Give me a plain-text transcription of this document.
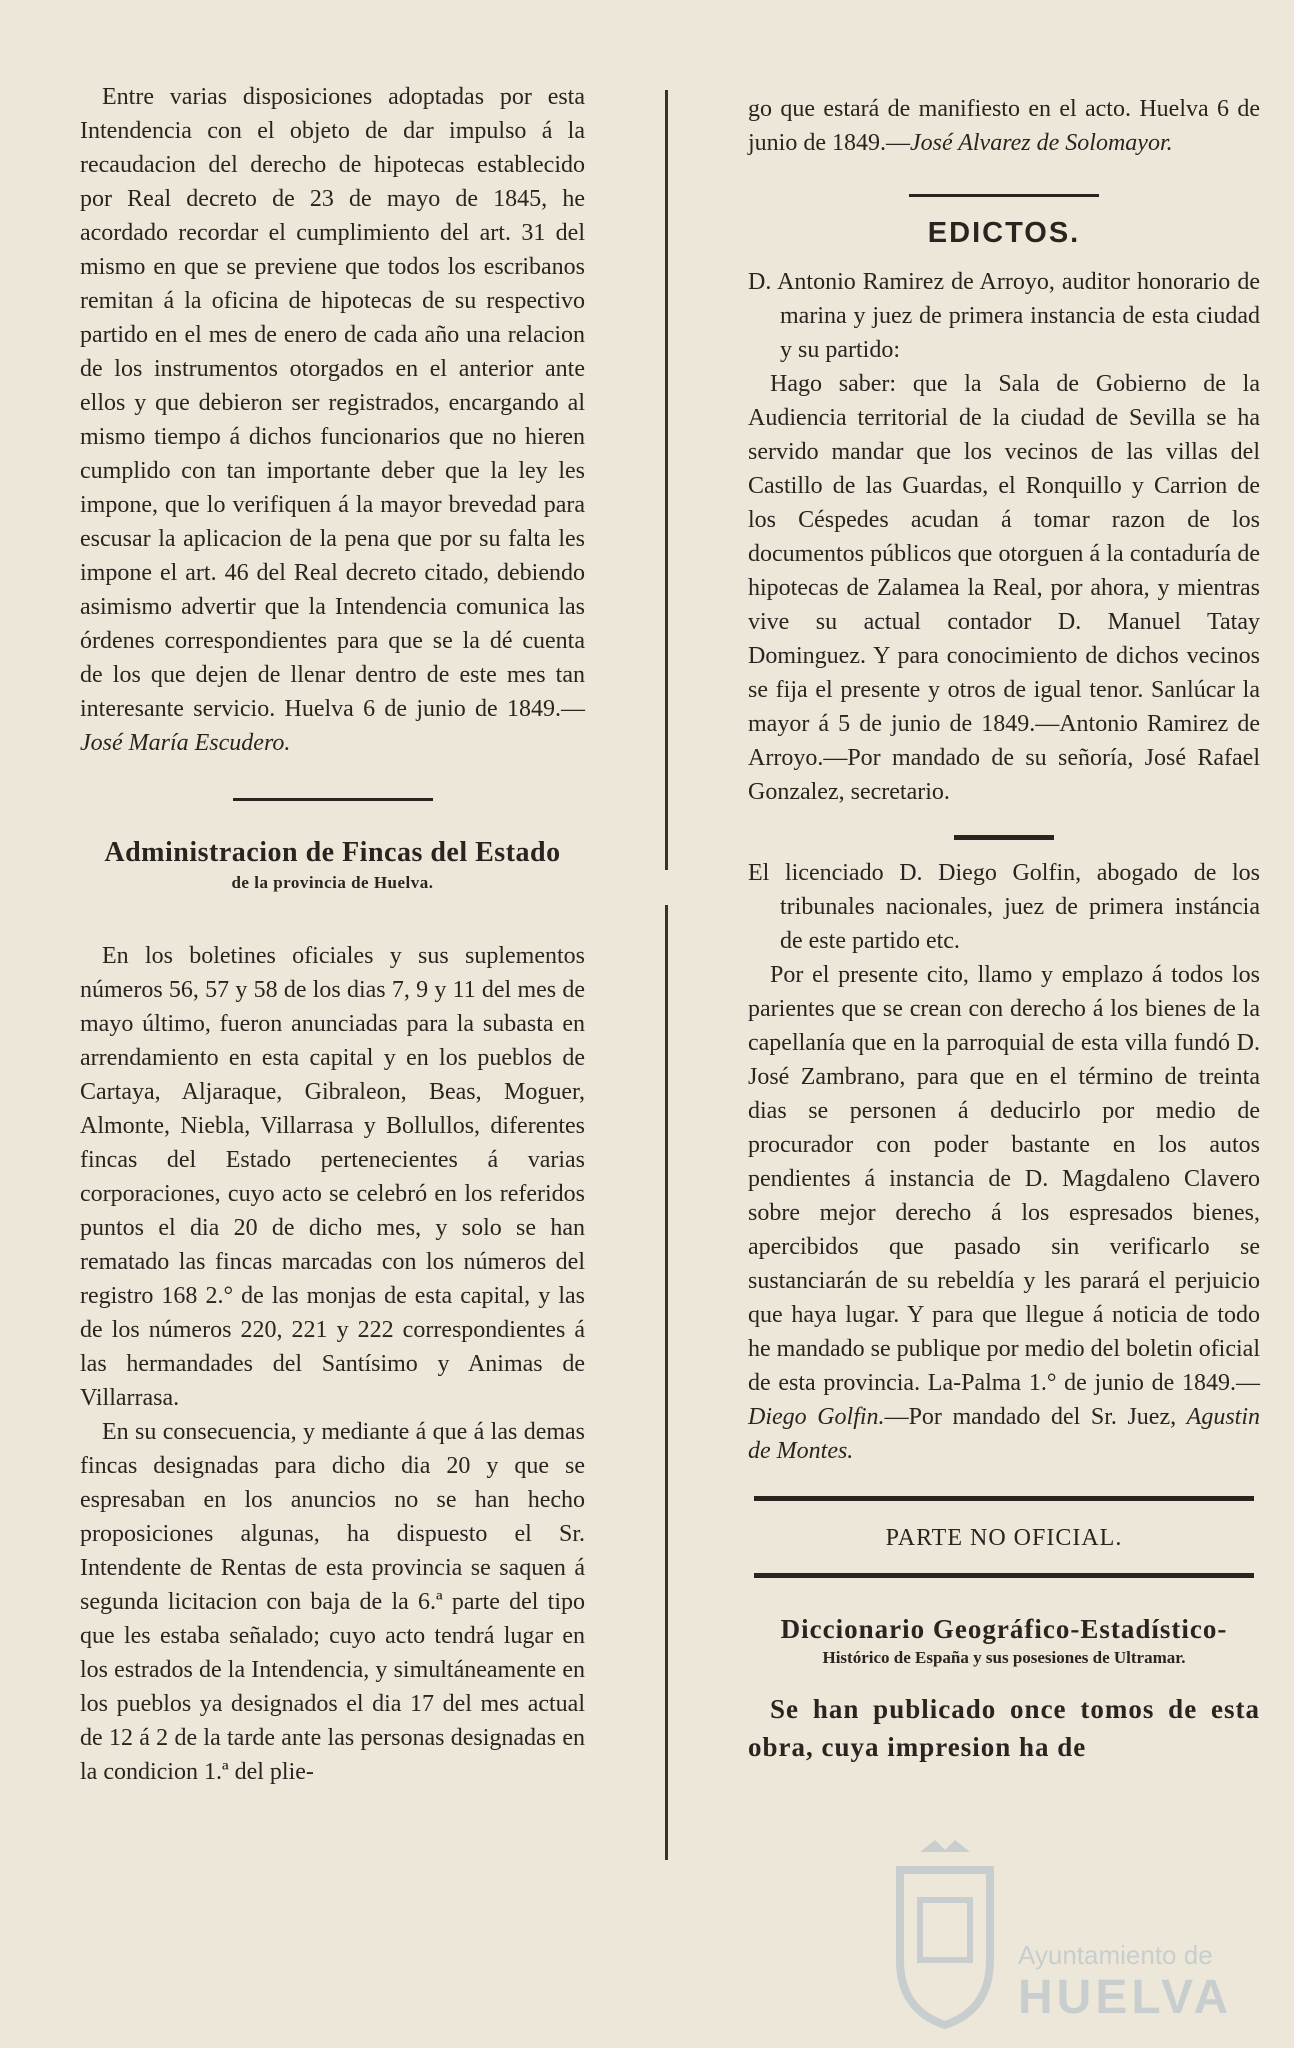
Entre varias disposiciones adoptadas por esta Intendencia con el objeto de dar impulso á la recaudacion del derecho de hipotecas establecido por Real decreto de 23 de mayo de 1845, he acordado recordar el cumplimiento del art. 31 del mismo en que se previene que todos los escribanos remitan á la oficina de hipotecas de su respectivo partido en el mes de enero de cada año una relacion de los instrumentos otorgados en el anterior ante ellos y que debieron ser registrados, encargando al mismo tiempo á dichos funcionarios que no hieren cumplido con tan importante deber que la ley les impone, que lo verifiquen á la mayor brevedad para escusar la aplicacion de la pena que por su falta les impone el art. 46 del Real decreto citado, debiendo asimismo advertir que la Intendencia comunica las órdenes correspondientes para que se la dé cuenta de los que dejen de llenar dentro de este mes tan interesante servicio. Huelva 6 de junio de 1849.—José María Escudero.

Administracion de Fincas del Estado
de la provincia de Huelva.

En los boletines oficiales y sus suplementos números 56, 57 y 58 de los dias 7, 9 y 11 del mes de mayo último, fueron anunciadas para la subasta en arrendamiento en esta capital y en los pueblos de Cartaya, Aljaraque, Gibraleon, Beas, Moguer, Almonte, Niebla, Villarrasa y Bollullos, diferentes fincas del Estado pertenecientes á varias corporaciones, cuyo acto se celebró en los referidos puntos el dia 20 de dicho mes, y solo se han rematado las fincas marcadas con los números del registro 168 2.° de las monjas de esta capital, y las de los números 220, 221 y 222 correspondientes á las hermandades del Santísimo y Animas de Villarrasa.

En su consecuencia, y mediante á que á las demas fincas designadas para dicho dia 20 y que se espresaban en los anuncios no se han hecho proposiciones algunas, ha dispuesto el Sr. Intendente de Rentas de esta provincia se saquen á segunda licitacion con baja de la 6.ª parte del tipo que les estaba señalado; cuyo acto tendrá lugar en los estrados de la Intendencia, y simultáneamente en los pueblos ya designados el dia 17 del mes actual de 12 á 2 de la tarde ante las personas designadas en la condicion 1.ª del plie-

go que estará de manifiesto en el acto. Huelva 6 de junio de 1849.—José Alvarez de Solomayor.

EDICTOS.

D. Antonio Ramirez de Arroyo, auditor honorario de marina y juez de primera instancia de esta ciudad y su partido:

Hago saber: que la Sala de Gobierno de la Audiencia territorial de la ciudad de Sevilla se ha servido mandar que los vecinos de las villas del Castillo de las Guardas, el Ronquillo y Carrion de los Céspedes acudan á tomar razon de los documentos públicos que otorguen á la contaduría de hipotecas de Zalamea la Real, por ahora, y mientras vive su actual contador D. Manuel Tatay Dominguez. Y para conocimiento de dichos vecinos se fija el presente y otros de igual tenor. Sanlúcar la mayor á 5 de junio de 1849.—Antonio Ramirez de Arroyo.—Por mandado de su señoría, José Rafael Gonzalez, secretario.

El licenciado D. Diego Golfin, abogado de los tribunales nacionales, juez de primera instáncia de este partido etc.

Por el presente cito, llamo y emplazo á todos los parientes que se crean con derecho á los bienes de la capellanía que en la parroquial de esta villa fundó D. José Zambrano, para que en el término de treinta dias se personen á deducirlo por medio de procurador con poder bastante en los autos pendientes á instancia de D. Magdaleno Clavero sobre mejor derecho á los espresados bienes, apercibidos que pasado sin verificarlo se sustanciarán de su rebeldía y les parará el perjuicio que haya lugar. Y para que llegue á noticia de todo he mandado se publique por medio del boletin oficial de esta provincia. La-Palma 1.° de junio de 1849.—Diego Golfin.—Por mandado del Sr. Juez, Agustin de Montes.

PARTE NO OFICIAL.
Diccionario Geográfico-Estadístico-
Histórico de España y sus posesiones de Ultramar.

Se han publicado once tomos de esta obra, cuya impresion ha de

Ayuntamiento de
HUELVA
